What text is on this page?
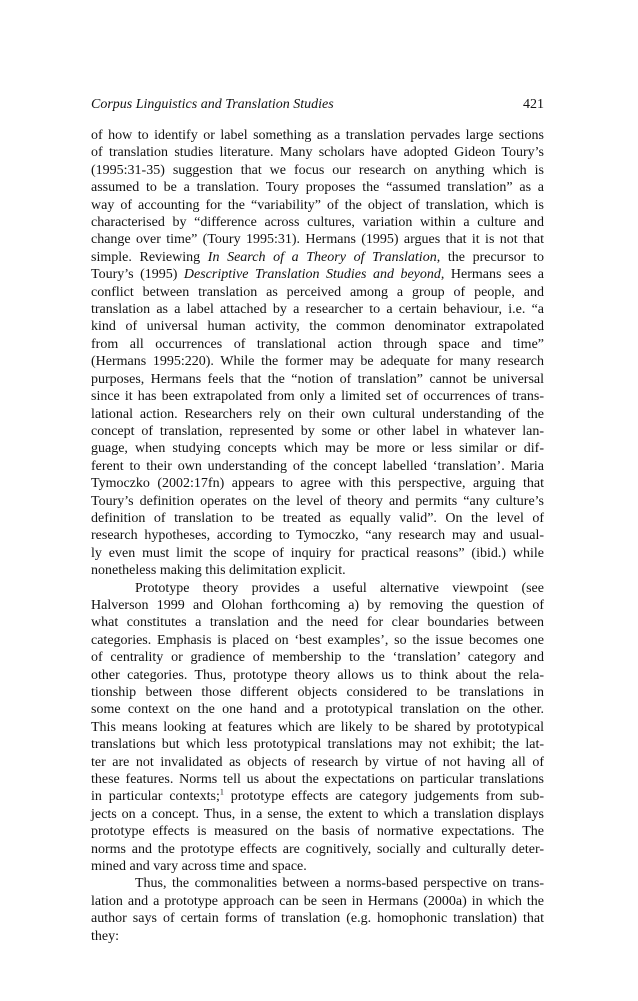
Corpus Linguistics and Translation Studies	421
of how to identify or label something as a translation pervades large sections
of translation studies literature. Many scholars have adopted Gideon Toury’s
(1995:31-35) suggestion that we focus our research on anything which is
assumed to be a translation. Toury proposes the “assumed translation” as a
way of accounting for the “variability” of the object of translation, which is
characterised by “difference across cultures, variation within a culture and
change over time” (Toury 1995:31). Hermans (1995) argues that it is not that
simple. Reviewing In Search of a Theory of Translation, the precursor to
Toury’s (1995) Descriptive Translation Studies and beyond, Hermans sees a
conflict between translation as perceived among a group of people, and
translation as a label attached by a researcher to a certain behaviour, i.e. “a
kind of universal human activity, the common denominator extrapolated
from all occurrences of translational action through space and time”
(Hermans 1995:220). While the former may be adequate for many research
purposes, Hermans feels that the “notion of translation” cannot be universal
since it has been extrapolated from only a limited set of occurrences of trans-
lational action. Researchers rely on their own cultural understanding of the
concept of translation, represented by some or other label in whatever lan-
guage, when studying concepts which may be more or less similar or dif-
ferent to their own understanding of the concept labelled ‘translation’. Maria
Tymoczko (2002:17fn) appears to agree with this perspective, arguing that
Toury’s definition operates on the level of theory and permits “any culture’s
definition of translation to be treated as equally valid”. On the level of
research hypotheses, according to Tymoczko, “any research may and usual-
ly even must limit the scope of inquiry for practical reasons” (ibid.) while
nonetheless making this delimitation explicit.
Prototype theory provides a useful alternative viewpoint (see
Halverson 1999 and Olohan forthcoming a) by removing the question of
what constitutes a translation and the need for clear boundaries between
categories. Emphasis is placed on ‘best examples’, so the issue becomes one
of centrality or gradience of membership to the ‘translation’ category and
other categories. Thus, prototype theory allows us to think about the rela-
tionship between those different objects considered to be translations in
some context on the one hand and a prototypical translation on the other.
This means looking at features which are likely to be shared by prototypical
translations but which less prototypical translations may not exhibit; the lat-
ter are not invalidated as objects of research by virtue of not having all of
these features. Norms tell us about the expectations on particular translations
in particular contexts;$^1$ prototype effects are category judgements from sub-
jects on a concept. Thus, in a sense, the extent to which a translation displays
prototype effects is measured on the basis of normative expectations. The
norms and the prototype effects are cognitively, socially and culturally deter-
mined and vary across time and space.
Thus, the commonalities between a norms-based perspective on trans-
lation and a prototype approach can be seen in Hermans (2000a) in which the
author says of certain forms of translation (e.g. homophonic translation) that
they:
